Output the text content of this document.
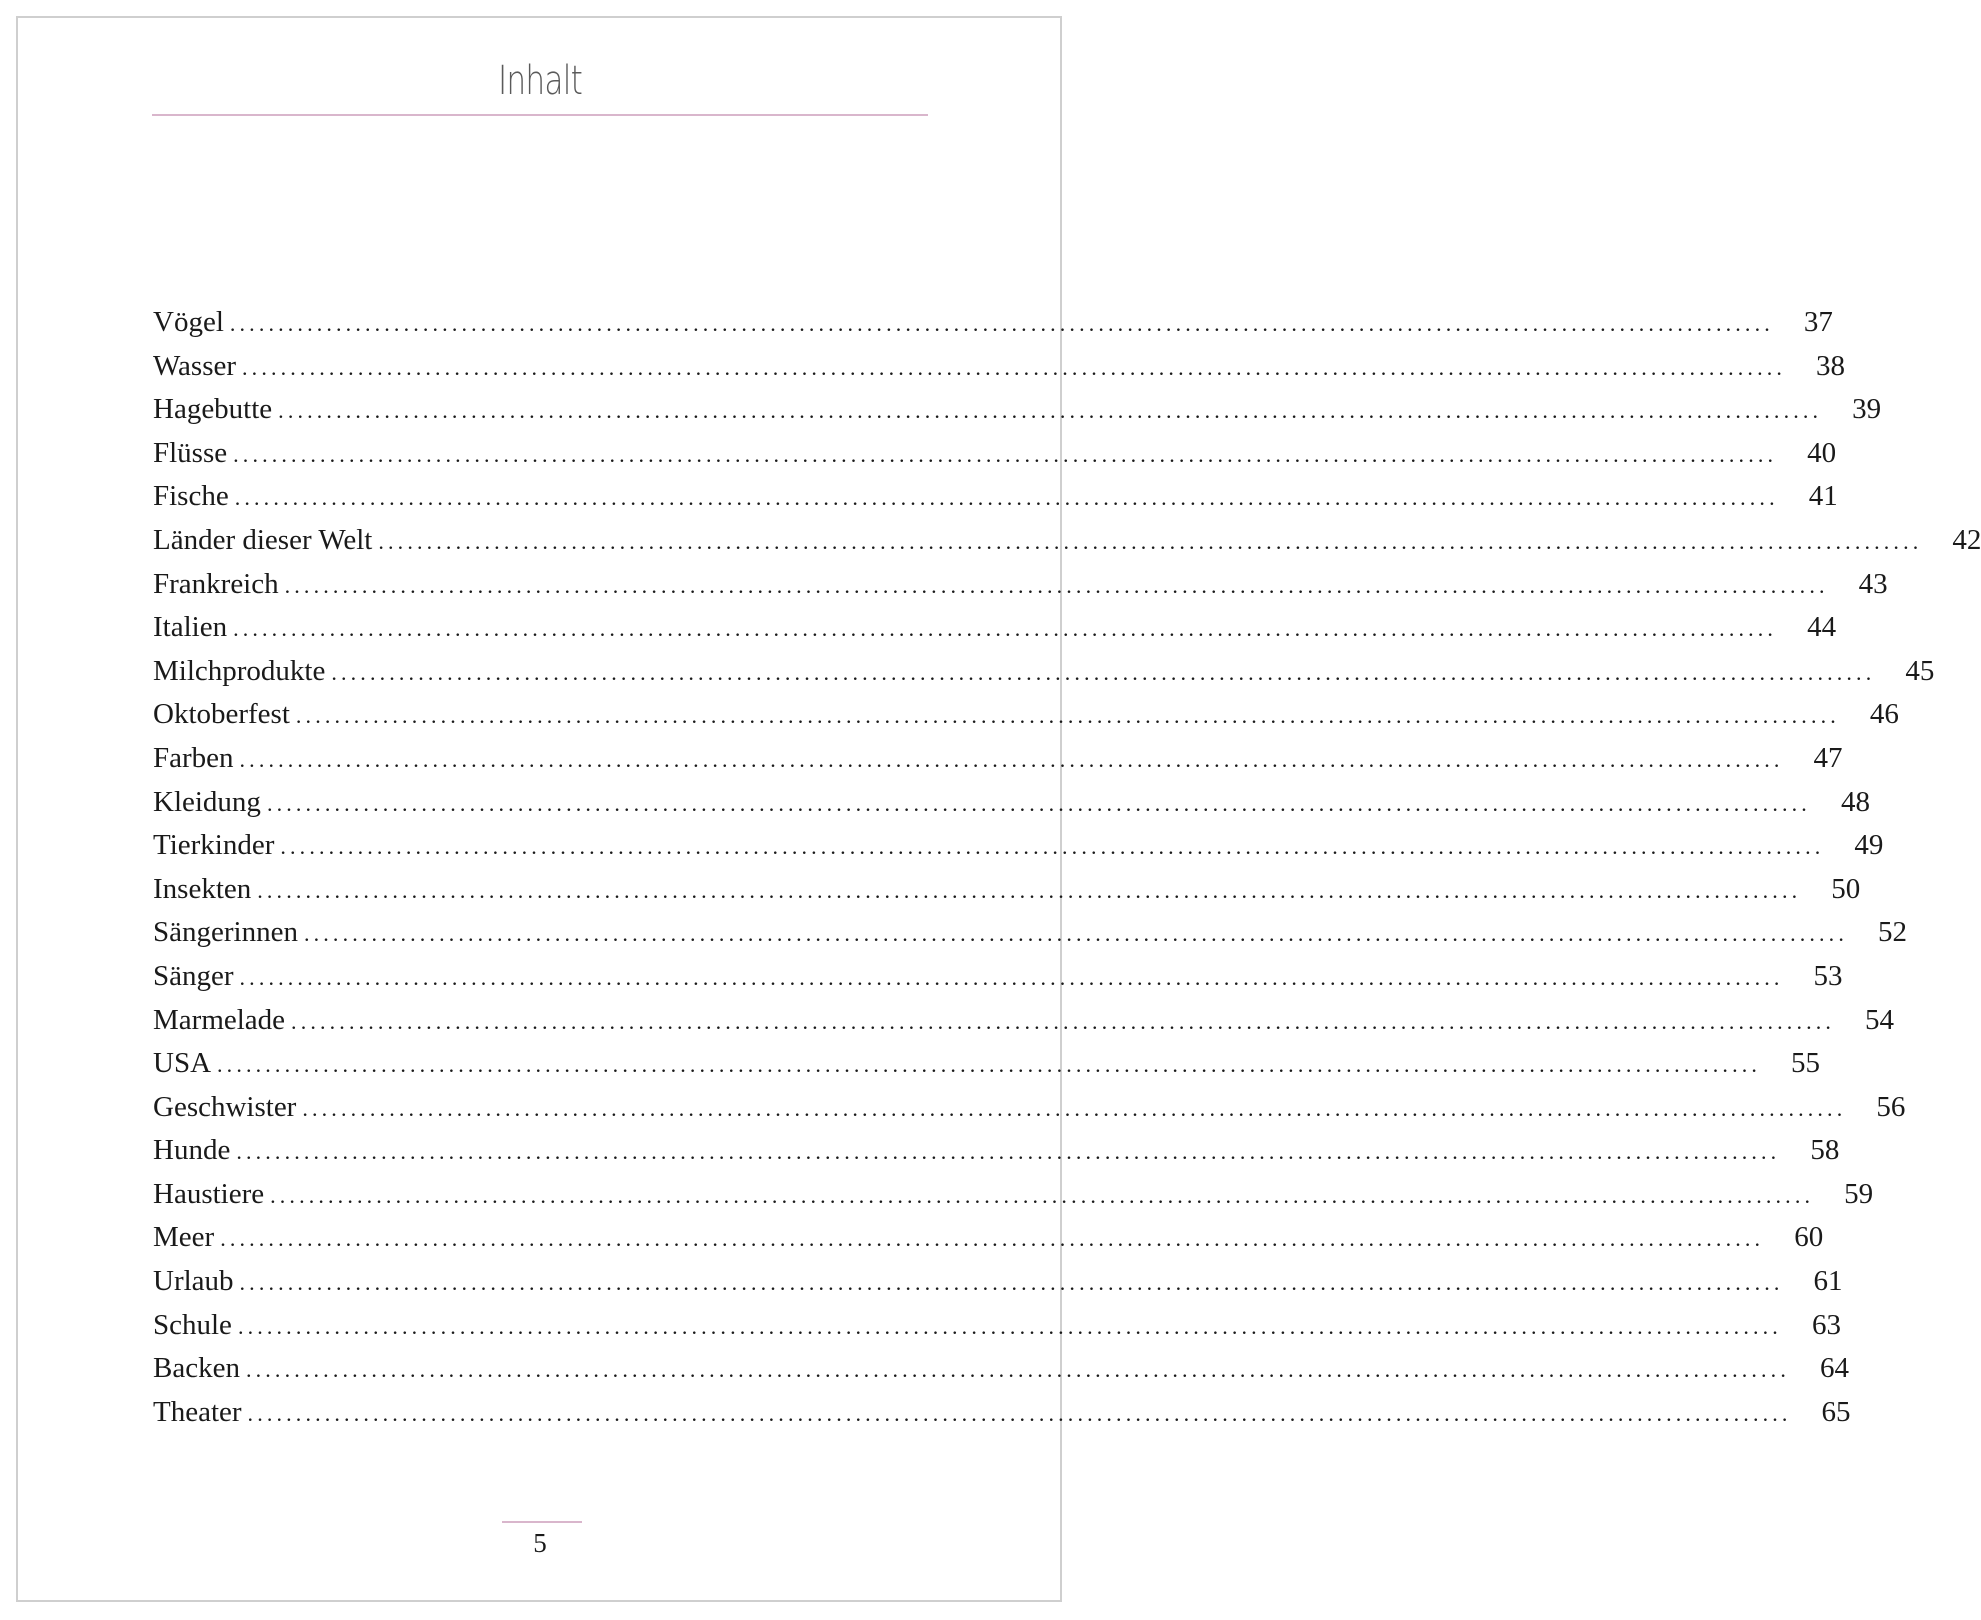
Inhalt
Vögel ................................................................................................................................................................ 37
Wasser ................................................................................................................................................................ 38
Hagebutte ................................................................................................................................................................ 39
Flüsse ................................................................................................................................................................ 40
Fische ................................................................................................................................................................ 41
Länder dieser Welt ................................................................................................................................................................ 42
Frankreich ................................................................................................................................................................ 43
Italien ................................................................................................................................................................ 44
Milchprodukte ................................................................................................................................................................ 45
Oktoberfest ................................................................................................................................................................ 46
Farben ................................................................................................................................................................ 47
Kleidung ................................................................................................................................................................ 48
Tierkinder ................................................................................................................................................................ 49
Insekten ................................................................................................................................................................ 50
Sängerinnen ................................................................................................................................................................ 52
Sänger ................................................................................................................................................................ 53
Marmelade ................................................................................................................................................................ 54
USA ................................................................................................................................................................ 55
Geschwister ................................................................................................................................................................ 56
Hunde ................................................................................................................................................................ 58
Haustiere ................................................................................................................................................................ 59
Meer ................................................................................................................................................................ 60
Urlaub ................................................................................................................................................................ 61
Schule ................................................................................................................................................................ 63
Backen ................................................................................................................................................................ 64
Theater ................................................................................................................................................................ 65
5
